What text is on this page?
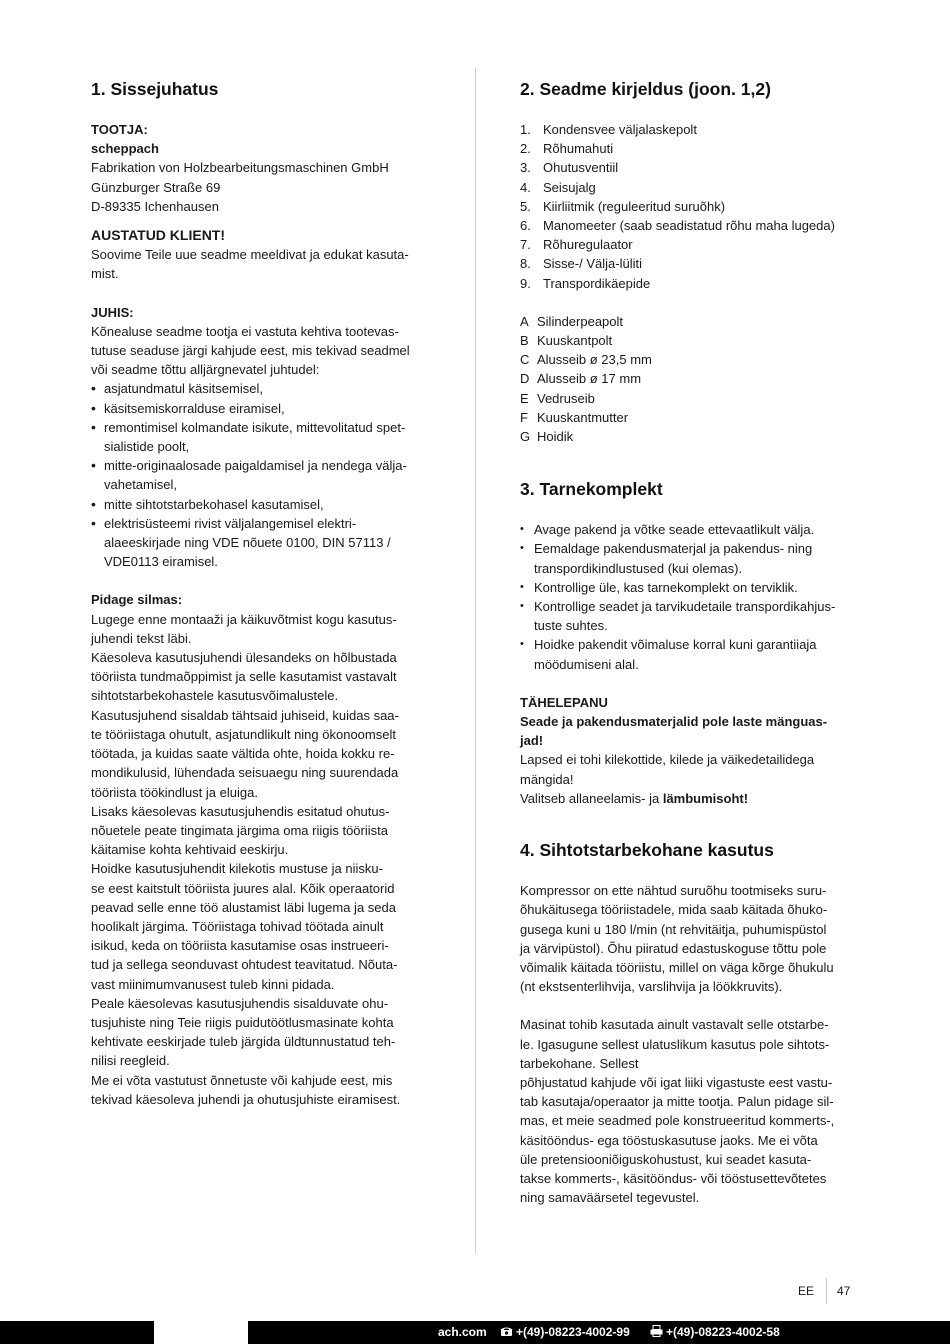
1. Sissejuhatus

TOOTJA:

scheppach

Fabrikation von Holzbearbeitungsmaschinen GmbH

Günzburger Straße 69

D-89335 Ichenhausen

AUSTATUD KLIENT!

Soovime Teile uue seadme meeldivat ja edukat kasuta-

mist.

JUHIS:

Kõnealuse seadme tootja ei vastuta kehtiva tootevas-

tutuse seaduse järgi kahjude eest, mis tekivad seadmel

või seadme tõttu alljärgnevatel juhtudel:

• asjatundmatul käsitsemisel,
• käsitsemiskorralduse eiramisel,
• remontimisel kolmandate isikute, mittevolitatud spet-
sialistide poolt,
• mitte-originaalosade paigaldamisel ja nendega välja-
vahetamisel,
• mitte sihtotstarbekohasel kasutamisel,
• elektrisüsteemi rivist väljalangemisel elektri-
alaeeskirjade ning VDE nõuete 0100, DIN 57113 /
VDE0113 eiramisel.

Pidage silmas:

Lugege enne montaaži ja käikuvõtmist kogu kasutus-

juhendi tekst läbi.

Käesoleva kasutusjuhendi ülesandeks on hõlbustada

tööriista tundmaõppimist ja selle kasutamist vastavalt

sihtotstarbekohastele kasutusvõimalustele.

Kasutusjuhend sisaldab tähtsaid juhiseid, kuidas saa-

te tööriistaga ohutult, asjatundlikult ning ökonoomselt

töötada, ja kuidas saate vältida ohte, hoida kokku re-

mondikulusid, lühendada seisuaegu ning suurendada

tööriista töökindlust ja eluiga.

Lisaks käesolevas kasutusjuhendis esitatud ohutus-

nõuetele peate tingimata järgima oma riigis tööriista

käitamise kohta kehtivaid eeskirju.

Hoidke kasutusjuhendit kilekotis mustuse ja niisku-

se eest kaitstult tööriista juures alal. Kõik operaatorid

peavad selle enne töö alustamist läbi lugema ja seda

hoolikalt järgima. Tööriistaga tohivad töötada ainult

isikud, keda on tööriista kasutamise osas instrueeri-

tud ja sellega seonduvast ohtudest teavitatud. Nõuta-

vast miinimumvanusest tuleb kinni pidada.

Peale käesolevas kasutusjuhendis sisalduvate ohu-

tusjuhiste ning Teie riigis puidutöötlusmasinate kohta

kehtivate eeskirjade tuleb järgida üldtunnustatud teh-

nilisi reegleid.

Me ei võta vastutust õnnetuste või kahjude eest, mis

tekivad käesoleva juhendi ja ohutusjuhiste eiramisest.

2. Seadme kirjeldus (joon. 1,2)
1. Kondensvee väljalaskepolt
2. Rõhumahuti
3. Ohutusventiil
4. Seisujalg
5. Kiirliitmik (reguleeritud suruõhk)
6. Manomeeter (saab seadistatud rõhu maha lugeda)
7. Rõhuregulaator
8. Sisse-/ Välja-lüliti
9. Transpordikäepide
A Silinderpeapolt
B Kuuskantpolt
C Alusseib ø 23,5 mm
D Alusseib ø 17 mm
E Vedruseib
F Kuuskantmutter
G Hoidik
3. Tarnekomplekt
• Avage pakend ja võtke seade ettevaatlikult välja.
• Eemaldage pakendusmaterjal ja pakendus- ning
transpordikindlustused (kui olemas).
• Kontrollige üle, kas tarnekomplekt on terviklik.
• Kontrollige seadet ja tarvikudetaile transpordikahjus-
tuste suhtes.
• Hoidke pakendit võimaluse korral kuni garantiiaja
möödumiseni alal.

TÄHELEPANU

Seade ja pakendusmaterjalid pole laste mänguas-

jad!

Lapsed ei tohi kilekottide, kilede ja väikedetailidega

mängida!

Valitseb allaneelamis- ja lämbumisoht!

4. Sihtotstarbekohane kasutus

Kompressor on ette nähtud suruõhu tootmiseks suru-

õhukäitusega tööriistadele, mida saab käitada õhuko-

gusega kuni u 180 l/min (nt rehvitäitja, puhumispüstol

ja värvipüstol). Õhu piiratud edastuskoguse tõttu pole

võimalik käitada tööriistu, millel on väga kõrge õhukulu

(nt ekstsenterlihvija, varslihvija ja löökkruvits).

Masinat tohib kasutada ainult vastavalt selle otstarbe-

le. Igasugune sellest ulatuslikum kasutus pole sihtots-

tarbekohane. Sellest

põhjustatud kahjude või igat liiki vigastuste eest vastu-

tab kasutaja/operaator ja mitte tootja. Palun pidage sil-

mas, et meie seadmed pole konstrueeritud kommerts-,

käsitööndus- ega tööstuskasutuse jaoks. Me ei võta

üle pretensiooniõiguskohustust, kui seadet kasuta-

takse kommerts-, käsitööndus- või tööstusettevõtetes

ning samaväärsetel tegevustel.

EE 47
ach.com +(49)-08223-4002-99	+(49)-08223-4002-58
